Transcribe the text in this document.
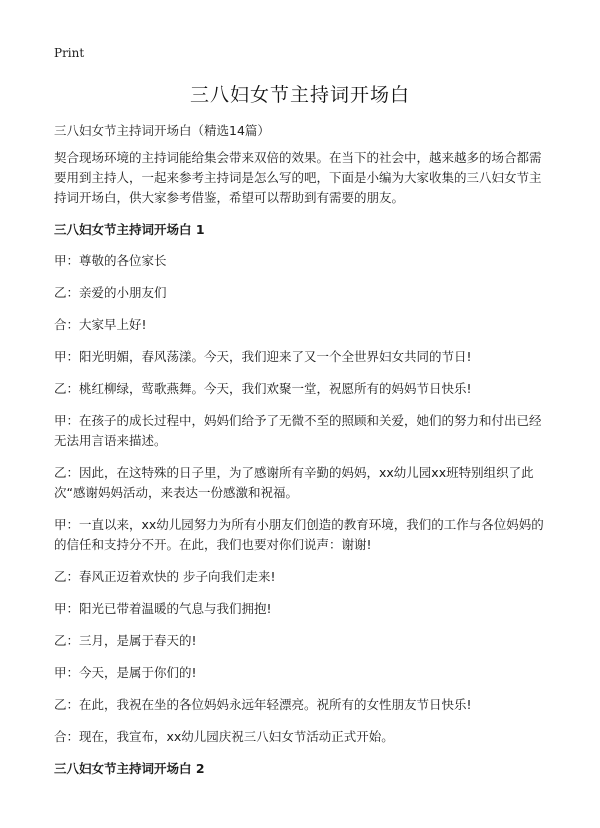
Print
三八妇女节主持词开场白
三八妇女节主持词开场白（精选14篇）

契合现场环境的主持词能给集会带来双倍的效果。在当下的社会中，越来越多的场合都需要用到主持人，一起来参考主持词是怎么写的吧，下面是小编为大家收集的三八妇女节主持词开场白，供大家参考借鉴，希望可以帮助到有需要的朋友。

三八妇女节主持词开场白 1

甲：尊敬的各位家长

乙：亲爱的小朋友们

合：大家早上好!

甲：阳光明媚，春风荡漾。今天，我们迎来了又一个全世界妇女共同的节日!

乙：桃红柳绿，莺歌燕舞。今天，我们欢聚一堂，祝愿所有的妈妈节日快乐!

甲：在孩子的成长过程中，妈妈们给予了无微不至的照顾和关爱，她们的努力和付出已经无法用言语来描述。

乙：因此，在这特殊的日子里，为了感谢所有辛勤的妈妈，xx幼儿园xx班特别组织了此次“感谢妈妈活动，来表达一份感激和祝福。

甲：一直以来，xx幼儿园努力为所有小朋友们创造的教育环境，我们的工作与各位妈妈的的信任和支持分不开。在此，我们也要对你们说声：谢谢!

乙：春风正迈着欢快的 步子向我们走来!

甲：阳光已带着温暖的气息与我们拥抱!

乙：三月，是属于春天的!

甲：今天，是属于你们的!

乙：在此，我祝在坐的各位妈妈永远年轻漂亮。祝所有的女性朋友节日快乐!

合：现在，我宣布，xx幼儿园庆祝三八妇女节活动正式开始。

三八妇女节主持词开场白 2
